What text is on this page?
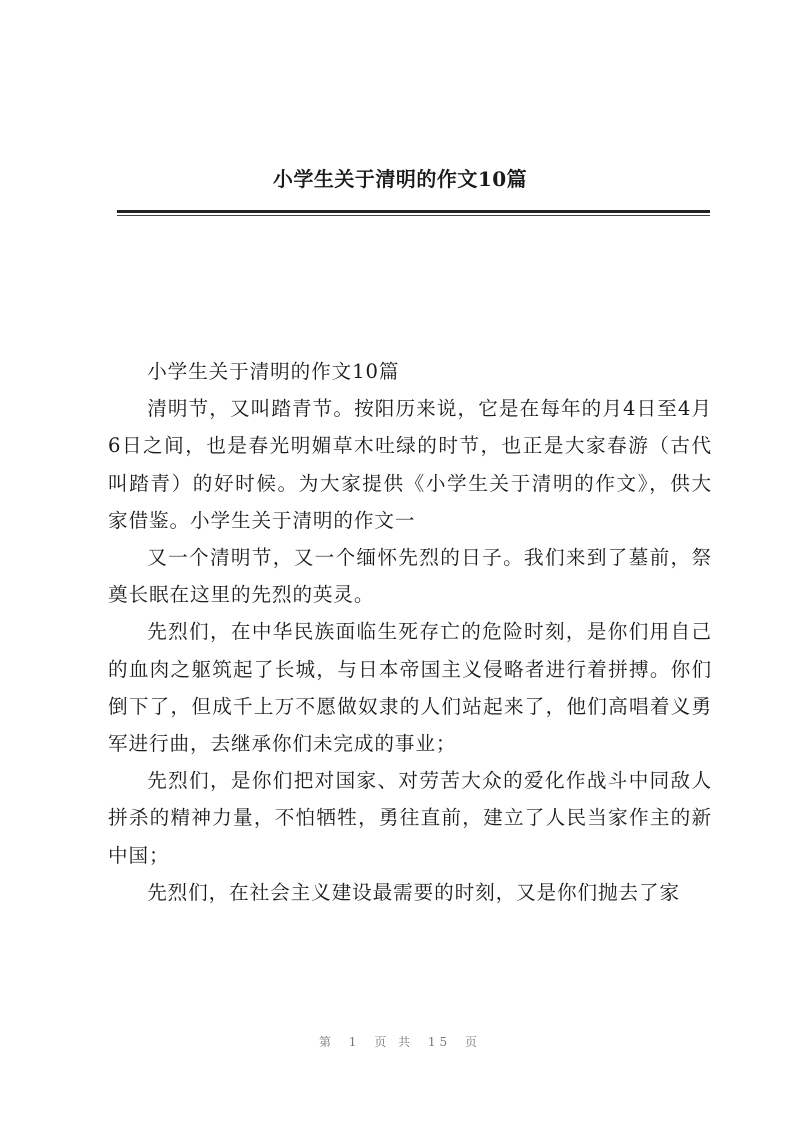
小学生关于清明的作文10篇

小学生关于清明的作文10篇

清明节，又叫踏青节。按阳历来说，它是在每年的月4日至4月6日之间，也是春光明媚草木吐绿的时节，也正是大家春游（古代叫踏青）的好时候。为大家提供《小学生关于清明的作文》，供大家借鉴。小学生关于清明的作文一

又一个清明节，又一个缅怀先烈的日子。我们来到了墓前，祭奠长眠在这里的先烈的英灵。

先烈们，在中华民族面临生死存亡的危险时刻，是你们用自己的血肉之躯筑起了长城，与日本帝国主义侵略者进行着拼搏。你们倒下了，但成千上万不愿做奴隶的人们站起来了，他们高唱着义勇军进行曲，去继承你们未完成的事业；

先烈们，是你们把对国家、对劳苦大众的爱化作战斗中同敌人拼杀的精神力量，不怕牺牲，勇往直前，建立了人民当家作主的新中国；

先烈们，在社会主义建设最需要的时刻，又是你们抛去了家

第 1 页 共 15 页
